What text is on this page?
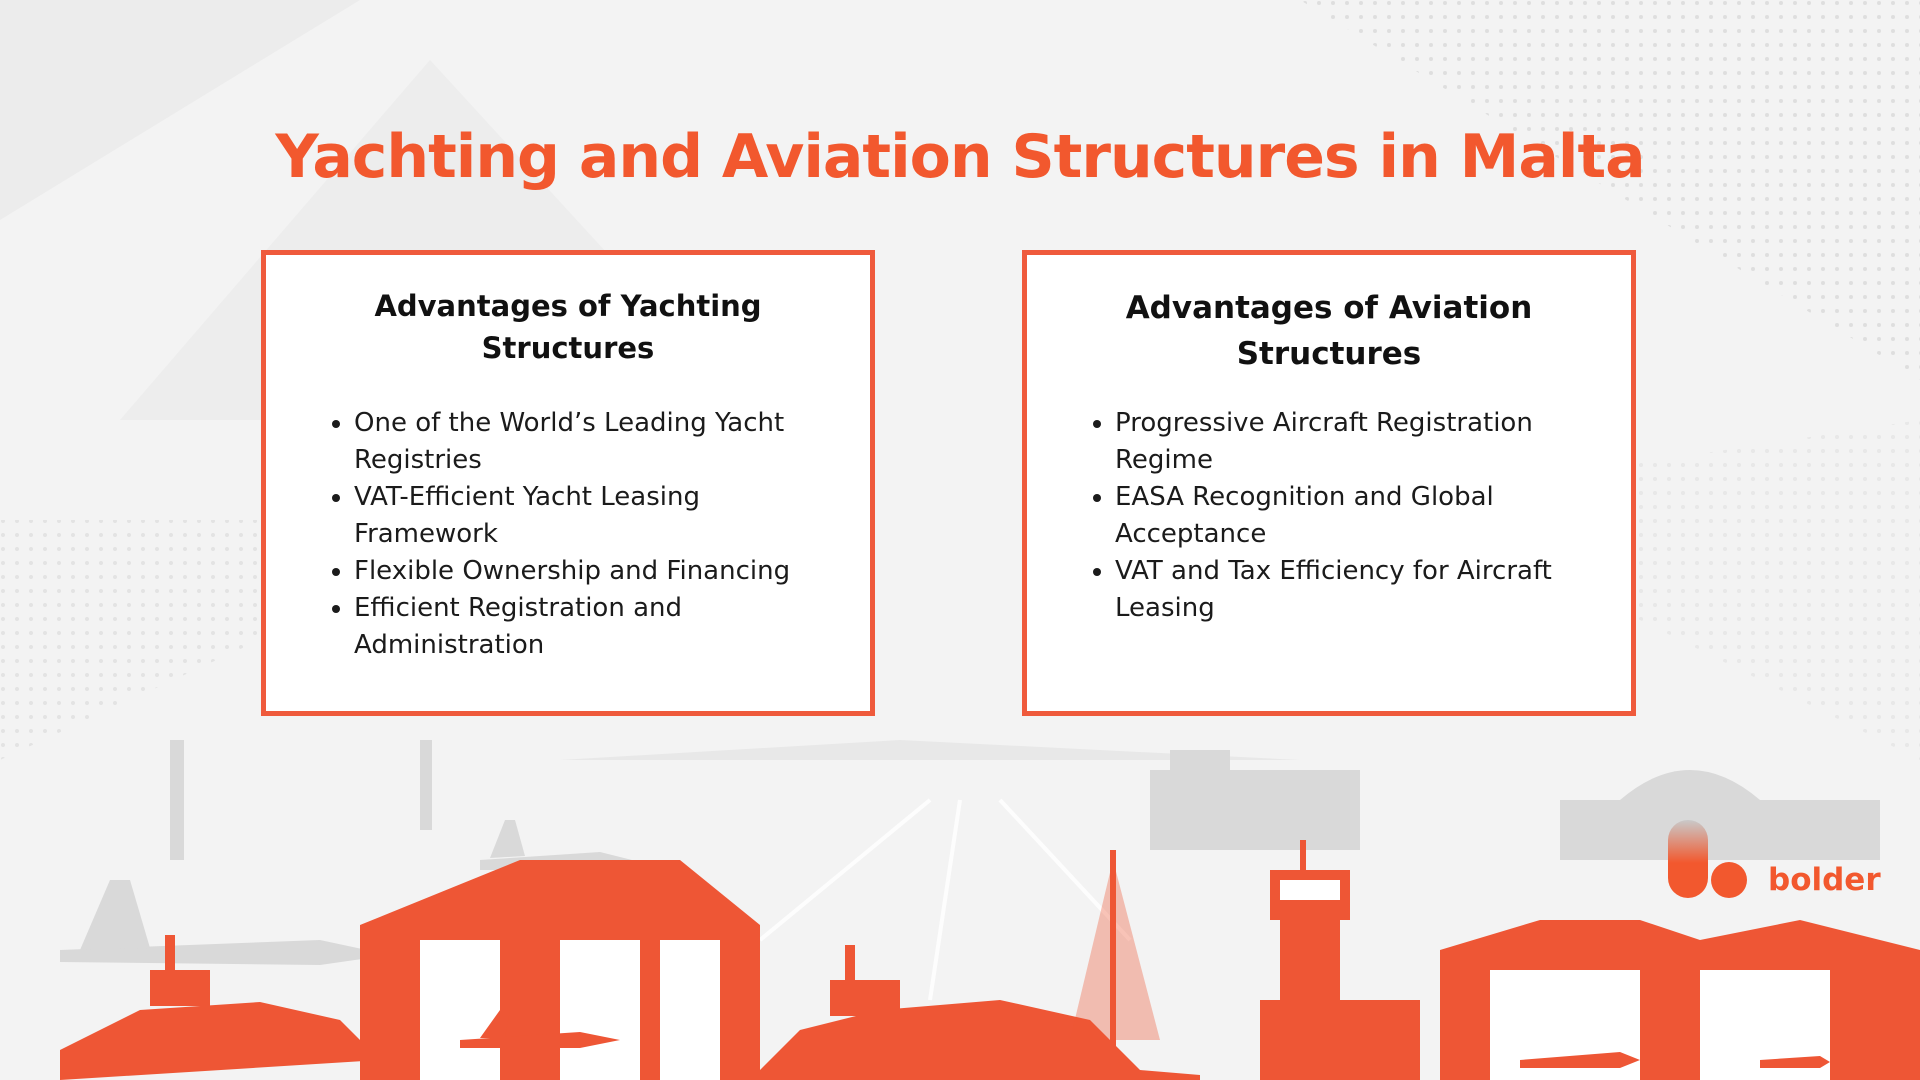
Yachting and Aviation Structures in Malta
Advantages of Yachting
Structures
• One of the World’s Leading Yacht Registries
• VAT-Efficient Yacht Leasing Framework
• Flexible Ownership and Financing
• Efficient Registration and Administration
Advantages of Aviation
Structures
• Progressive Aircraft Registration Regime
• EASA Recognition and Global Acceptance
• VAT and Tax Efficiency for Aircraft Leasing
bolder
